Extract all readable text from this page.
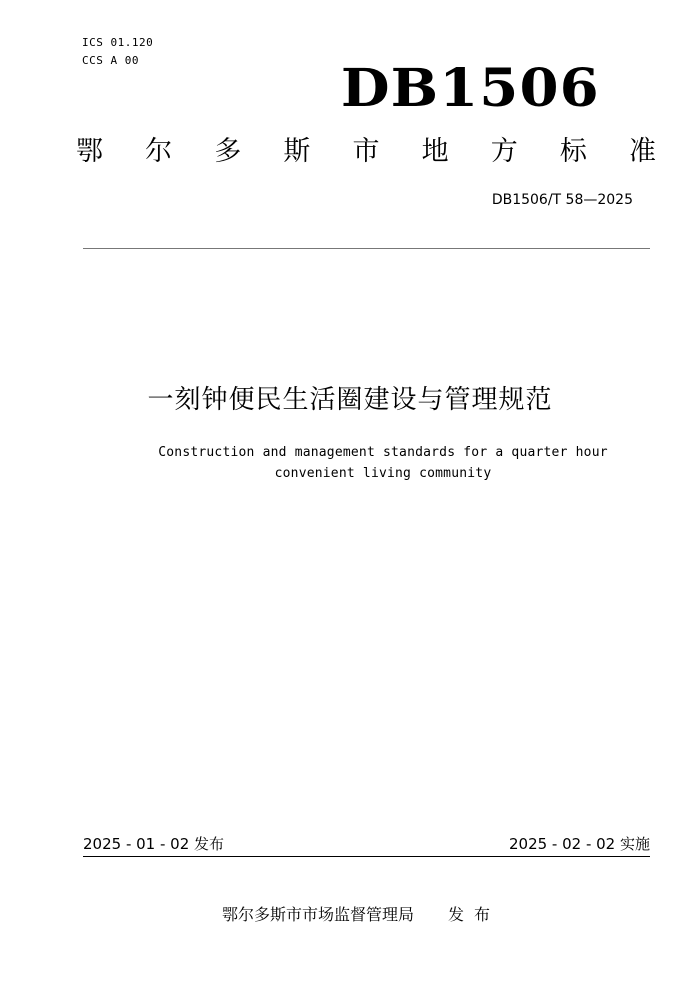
ICS 01.120
CCS A 00	DB1506
鄂 尔 多 斯 市 地 方 标 准
DB1506/T 58—2025
一刻钟便民生活圈建设与管理规范
Construction and management standards for a quarter hour
convenient living community
2025 - 01 - 02 发布	2025 - 02 - 02 实施
鄂尔多斯市市场监督管理局 发布
